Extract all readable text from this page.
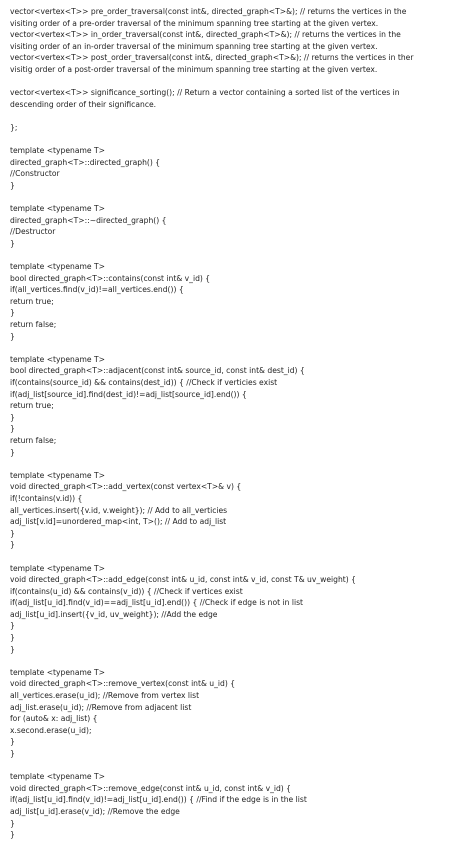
vector<vertex<T>> pre_order_traversal(const int&, directed_graph<T>&); // returns the vertices in the
visiting order of a pre-order traversal of the minimum spanning tree starting at the given vertex.
vector<vertex<T>> in_order_traversal(const int&, directed_graph<T>&); // returns the vertices in the
visiting order of an in-order traversal of the minimum spanning tree starting at the given vertex.
vector<vertex<T>> post_order_traversal(const int&, directed_graph<T>&); // returns the vertices in ther
visitig order of a post-order traversal of the minimum spanning tree starting at the given vertex.
vector<vertex<T>> significance_sorting(); // Return a vector containing a sorted list of the vertices in
descending order of their significance.
};
template <typename T>
directed_graph<T>::directed_graph() {
//Constructor
}
template <typename T>
directed_graph<T>::~directed_graph() {
//Destructor
}
template <typename T>
bool directed_graph<T>::contains(const int& v_id) {
if(all_vertices.find(v_id)!=all_vertices.end()) {
return true;
}
return false;
}
template <typename T>
bool directed_graph<T>::adjacent(const int& source_id, const int& dest_id) {
if(contains(source_id) && contains(dest_id)) { //Check if verticies exist
if(adj_list[source_id].find(dest_id)!=adj_list[source_id].end()) {
return true;
}
}
return false;
}
template <typename T>
void directed_graph<T>::add_vertex(const vertex<T>& v) {
if(!contains(v.id)) {
all_vertices.insert({v.id, v.weight}); // Add to all_verticies
adj_list[v.id]=unordered_map<int, T>(); // Add to adj_list
}
}
template <typename T>
void directed_graph<T>::add_edge(const int& u_id, const int& v_id, const T& uv_weight) {
if(contains(u_id) && contains(v_id)) { //Check if vertices exist
if(adj_list[u_id].find(v_id)==adj_list[u_id].end()) { //Check if edge is not in list
adj_list[u_id].insert({v_id, uv_weight}); //Add the edge
}
}
}
template <typename T>
void directed_graph<T>::remove_vertex(const int& u_id) {
all_vertices.erase(u_id); //Remove from vertex list
adj_list.erase(u_id); //Remove from adjacent list
for (auto& x: adj_list) {
x.second.erase(u_id);
}
}
template <typename T>
void directed_graph<T>::remove_edge(const int& u_id, const int& v_id) {
if(adj_list[u_id].find(v_id)!=adj_list[u_id].end()) { //Find if the edge is in the list
adj_list[u_id].erase(v_id); //Remove the edge
}
}
